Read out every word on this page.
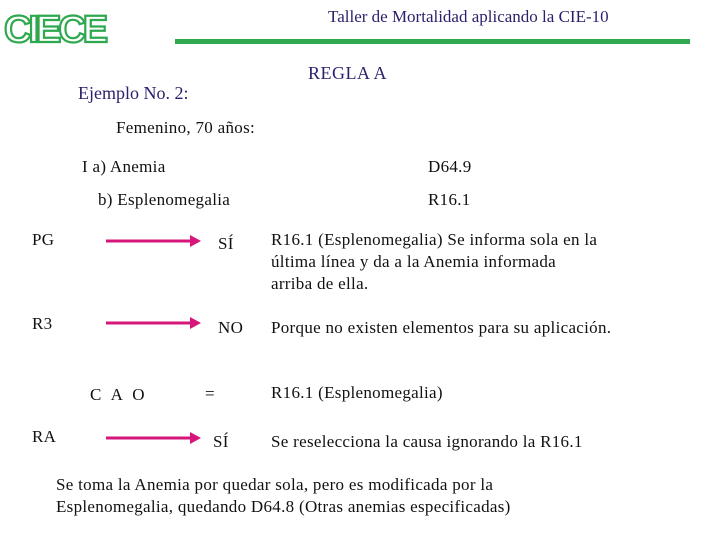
CIECE	Taller de Mortalidad aplicando la CIE-10
REGLA A
Ejemplo No. 2:
Femenino, 70 años:
I a) Anemia	D64.9
b) Esplenomegalia	R16.1
PG	SÍ R16.1 (Esplenomegalia) Se informa sola en la
última línea y da a la Anemia informada
arriba de ella.
R3	NO Porque no existen elementos para su aplicación.
C A O	=	R16.1 (Esplenomegalia)
RA	SÍ Se reselecciona la causa ignorando la R16.1
Se toma la Anemia por quedar sola, pero es modificada por la
Esplenomegalia, quedando D64.8 (Otras anemias especificadas)
